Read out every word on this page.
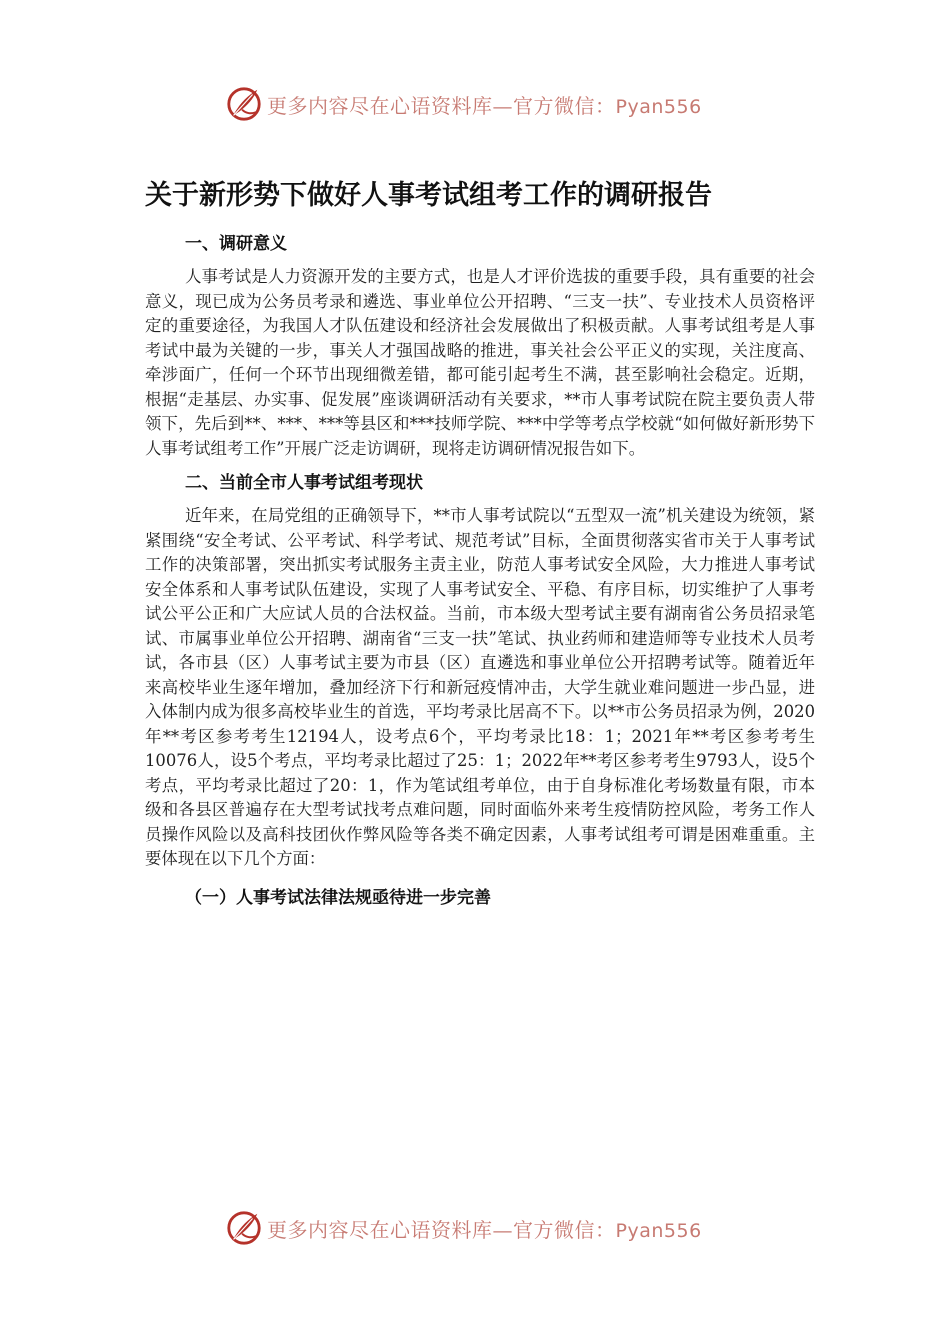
更多内容尽在心语资料库—官方微信：Pyan556
关于新形势下做好人事考试组考工作的调研报告
一、调研意义

人事考试是人力资源开发的主要方式，也是人才评价选拔的重要手段，具有重要的社会意义，现已成为公务员考录和遴选、事业单位公开招聘、“三支一扶”、专业技术人员资格评定的重要途径，为我国人才队伍建设和经济社会发展做出了积极贡献。人事考试组考是人事考试中最为关键的一步，事关人才强国战略的推进，事关社会公平正义的实现，关注度高、牵涉面广，任何一个环节出现细微差错，都可能引起考生不满，甚至影响社会稳定。近期，根据“走基层、办实事、促发展”座谈调研活动有关要求，**市人事考试院在院主要负责人带领下，先后到**、***、***等县区和***技师学院、***中学等考点学校就“如何做好新形势下人事考试组考工作”开展广泛走访调研，现将走访调研情况报告如下。

二、当前全市人事考试组考现状

近年来，在局党组的正确领导下，**市人事考试院以“五型双一流”机关建设为统领，紧紧围绕“安全考试、公平考试、科学考试、规范考试”目标，全面贯彻落实省市关于人事考试工作的决策部署，突出抓实考试服务主责主业，防范人事考试安全风险，大力推进人事考试安全体系和人事考试队伍建设，实现了人事考试安全、平稳、有序目标，切实维护了人事考试公平公正和广大应试人员的合法权益。当前，市本级大型考试主要有湖南省公务员招录笔试、市属事业单位公开招聘、湖南省“三支一扶”笔试、执业药师和建造师等专业技术人员考试，各市县（区）人事考试主要为市县（区）直遴选和事业单位公开招聘考试等。随着近年来高校毕业生逐年增加，叠加经济下行和新冠疫情冲击，大学生就业难问题进一步凸显，进入体制内成为很多高校毕业生的首选，平均考录比居高不下。以**市公务员招录为例，2020年**考区参考考生12194人，设考点6个，平均考录比18：1；2021年**考区参考考生10076人，设5个考点，平均考录比超过了25：1；2022年**考区参考考生9793人，设5个考点，平均考录比超过了20：1，作为笔试组考单位，由于自身标准化考场数量有限，市本级和各县区普遍存在大型考试找考点难问题，同时面临外来考生疫情防控风险，考务工作人员操作风险以及高科技团伙作弊风险等各类不确定因素，人事考试组考可谓是困难重重。主要体现在以下几个方面：

（一）人事考试法律法规亟待进一步完善
更多内容尽在心语资料库—官方微信：Pyan556
